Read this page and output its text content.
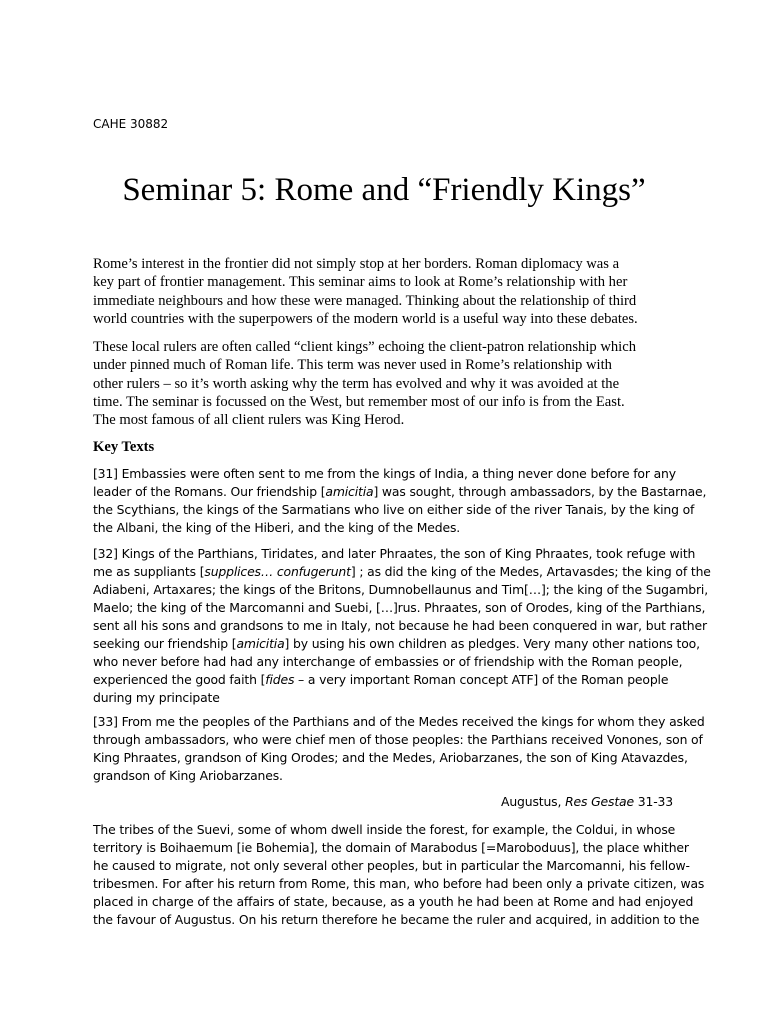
CAHE 30882
Seminar 5: Rome and “Friendly Kings”

Rome’s interest in the frontier did not simply stop at her borders. Roman diplomacy was a
key part of frontier management. This seminar aims to look at Rome’s relationship with her
immediate neighbours and how these were managed. Thinking about the relationship of third
world countries with the superpowers of the modern world is a useful way into these debates.

These local rulers are often called “client kings” echoing the client-patron relationship which
under pinned much of Roman life. This term was never used in Rome’s relationship with
other rulers – so it’s worth asking why the term has evolved and why it was avoided at the
time. The seminar is focussed on the West, but remember most of our info is from the East.
The most famous of all client rulers was King Herod.

Key Texts

[31] Embassies were often sent to me from the kings of India, a thing never done before for any
leader of the Romans. Our friendship [amicitia] was sought, through ambassadors, by the Bastarnae,
the Scythians, the kings of the Sarmatians who live on either side of the river Tanais, by the king of
the Albani, the king of the Hiberi, and the king of the Medes.

[32] Kings of the Parthians, Tiridates, and later Phraates, the son of King Phraates, took refuge with
me as suppliants [supplices… confugerunt] ; as did the king of the Medes, Artavasdes; the king of the
Adiabeni, Artaxares; the kings of the Britons, Dumnobellaunus and Tim[…]; the king of the Sugambri,
Maelo; the king of the Marcomanni and Suebi, […]rus. Phraates, son of Orodes, king of the Parthians,
sent all his sons and grandsons to me in Italy, not because he had been conquered in war, but rather
seeking our friendship [amicitia] by using his own children as pledges. Very many other nations too,
who never before had had any interchange of embassies or of friendship with the Roman people,
experienced the good faith [fides – a very important Roman concept ATF] of the Roman people
during my principate

[33] From me the peoples of the Parthians and of the Medes received the kings for whom they asked
through ambassadors, who were chief men of those peoples: the Parthians received Vonones, son of
King Phraates, grandson of King Orodes; and the Medes, Ariobarzanes, the son of King Atavazdes,
grandson of King Ariobarzanes.

Augustus, Res Gestae 31-33

The tribes of the Suevi, some of whom dwell inside the forest, for example, the Coldui, in whose
territory is Boihaemum [ie Bohemia], the domain of Marabodus [=Maroboduus], the place whither
he caused to migrate, not only several other peoples, but in particular the Marcomanni, his fellow-
tribesmen. For after his return from Rome, this man, who before had been only a private citizen, was
placed in charge of the affairs of state, because, as a youth he had been at Rome and had enjoyed
the favour of Augustus. On his return therefore he became the ruler and acquired, in addition to the
